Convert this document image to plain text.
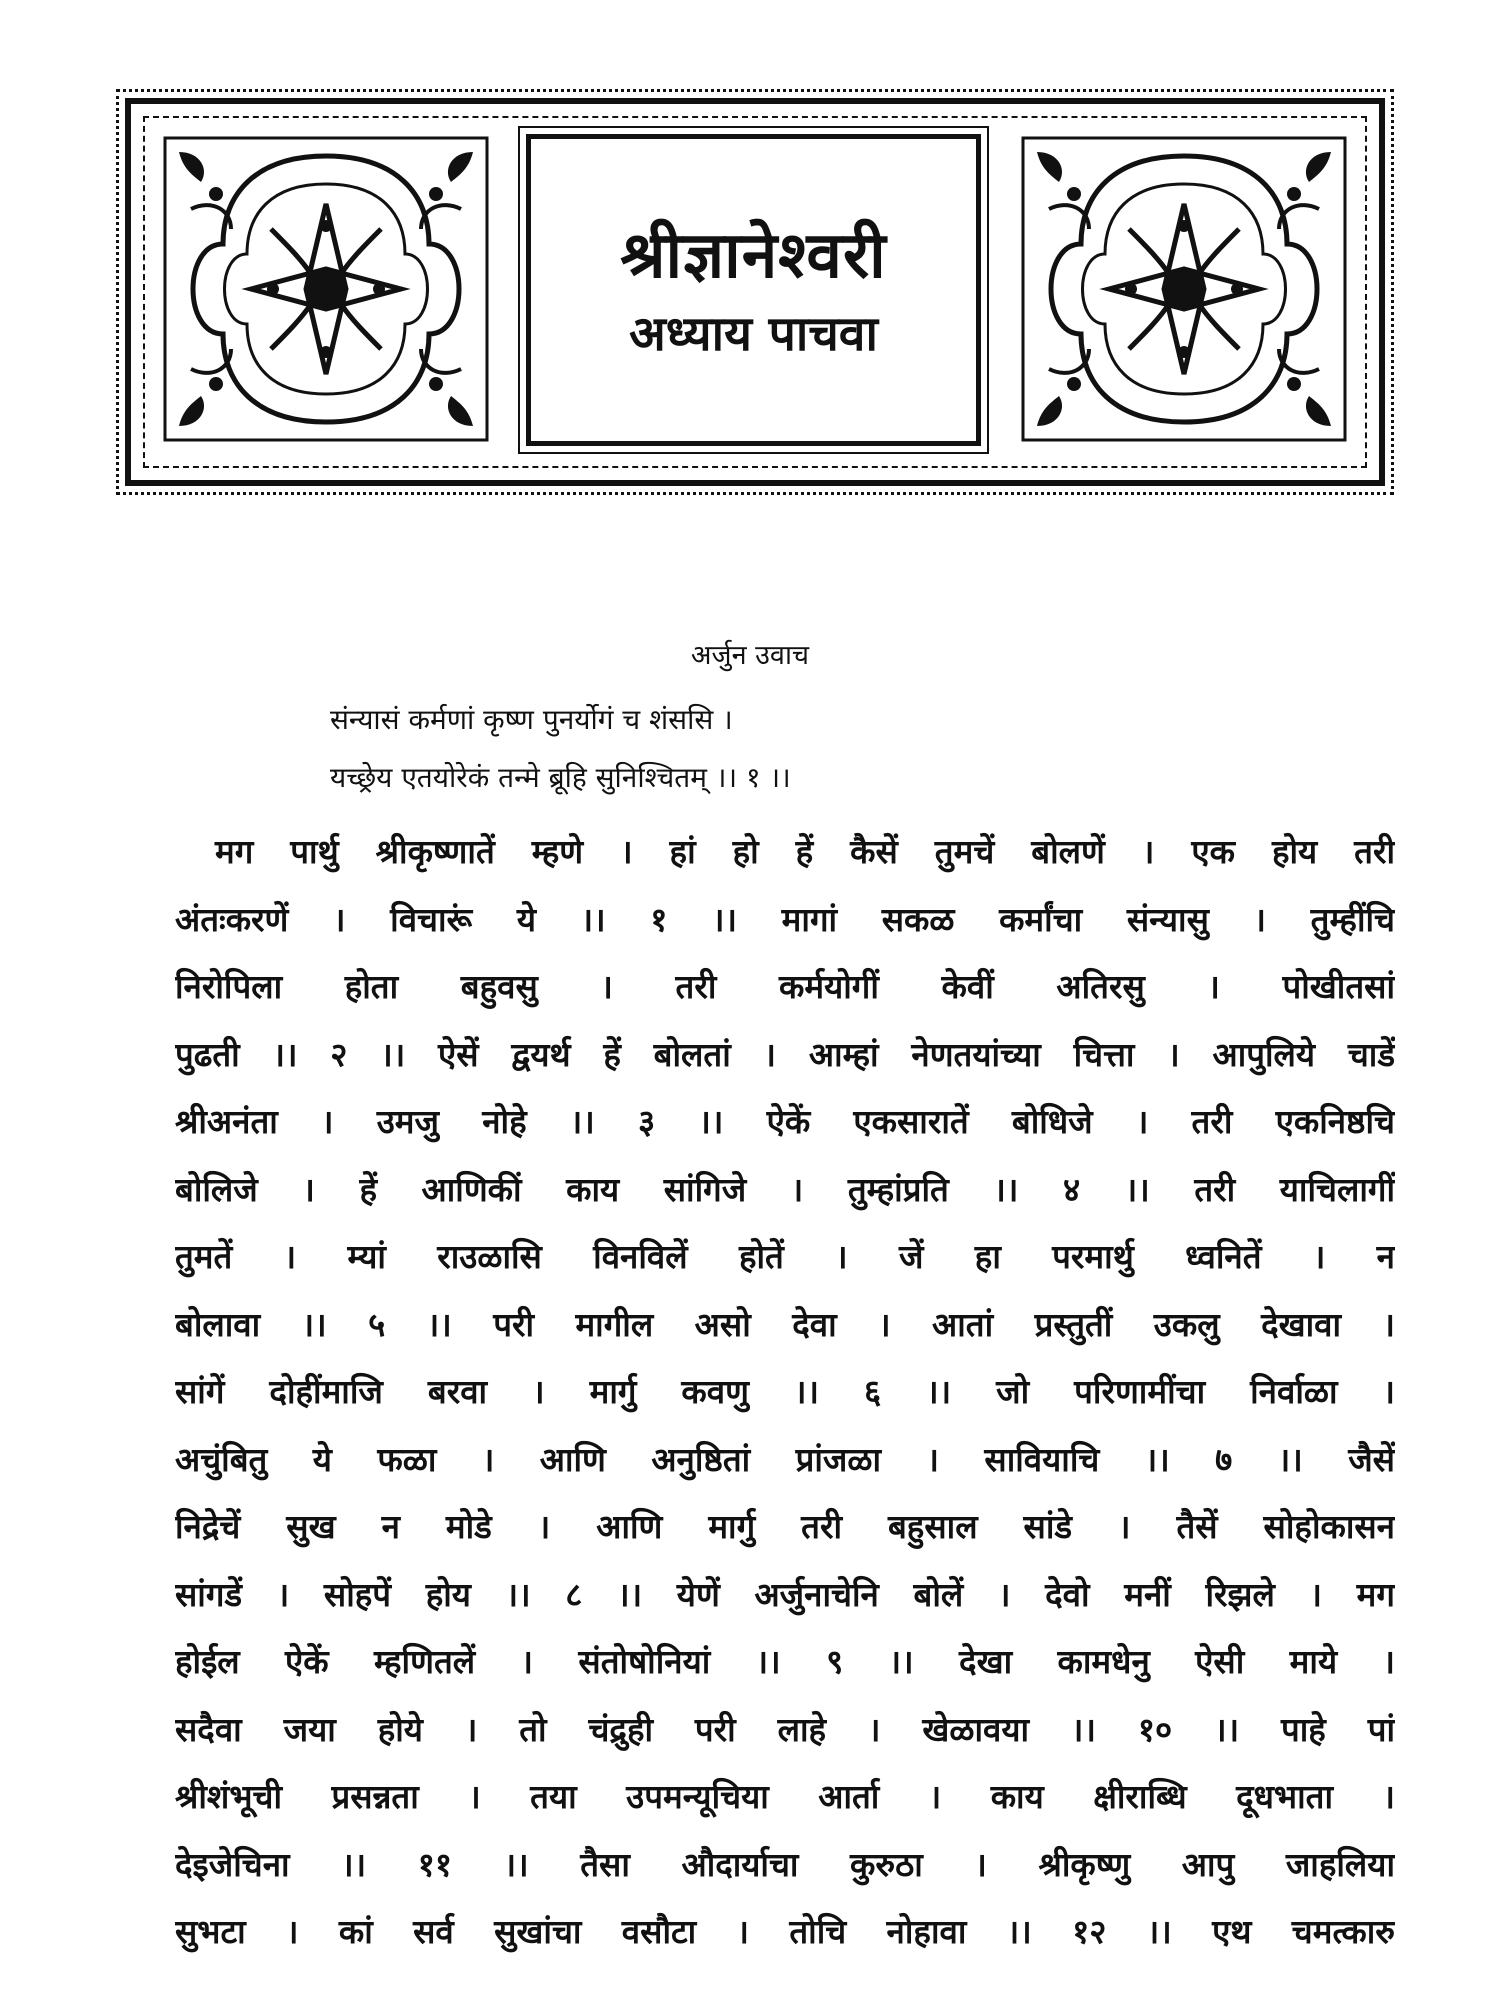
श्रीज्ञानेश्वरी
अध्याय पाचवा
अर्जुन उवाच
संन्यासं कर्मणां कृष्ण पुनर्योगं च शंससि ।
यच्छ्रेय एतयोरेकं तन्मे ब्रूहि सुनिश्चितम् ।। १ ।।
मग पार्थु श्रीकृष्णातें म्हणे । हां हो हें कैसें तुमचें बोलणें । एक होय तरी
अंतःकरणें । विचारूं ये ।। १ ।। मागां सकळ कर्मांचा संन्यासु । तुम्हींचि
निरोपिला होता बहुवसु । तरी कर्मयोगीं केवीं अतिरसु । पोखीतसां
पुढती ।। २ ।। ऐसें द्वयर्थ हें बोलतां । आम्हां नेणतयांच्या चित्ता । आपुलिये चाडें
श्रीअनंता । उमजु नोहे ।। ३ ।। ऐकें एकसारातें बोधिजे । तरी एकनिष्ठचि
बोलिजे । हें आणिकीं काय सांगिजे । तुम्हांप्रति ।। ४ ।। तरी याचिलागीं
तुमतें । म्यां राउळासि विनविलें होतें । जें हा परमार्थु ध्वनितें । न
बोलावा ।। ५ ।। परी मागील असो देवा । आतां प्रस्तुतीं उकलु देखावा ।
सांगें दोहींमाजि बरवा । मार्गु कवणु ।। ६ ।। जो परिणामींचा निर्वाळा ।
अचुंबितु ये फळा । आणि अनुष्ठितां प्रांजळा । सावियाचि ।। ७ ।। जैसें
निद्रेचें सुख न मोडे । आणि मार्गु तरी बहुसाल सांडे । तैसें सोहोकासन
सांगडें । सोहपें होय ।। ८ ।। येणें अर्जुनाचेनि बोलें । देवो मनीं रिझले । मग
होईल ऐकें म्हणितलें । संतोषोनियां ।। ९ ।। देखा कामधेनु ऐसी माये ।
सदैवा जया होये । तो चंद्रुही परी लाहे । खेळावया ।। १० ।। पाहे पां
श्रीशंभूची प्रसन्नता । तया उपमन्यूचिया आर्ता । काय क्षीराब्धि दूधभाता ।
देइजेचिना ।। ११ ।। तैसा औदार्याचा कुरुठा । श्रीकृष्णु आपु जाहलिया
सुभटा । कां सर्व सुखांचा वसौटा । तोचि नोहावा ।। १२ ।। एथ चमत्कारु
